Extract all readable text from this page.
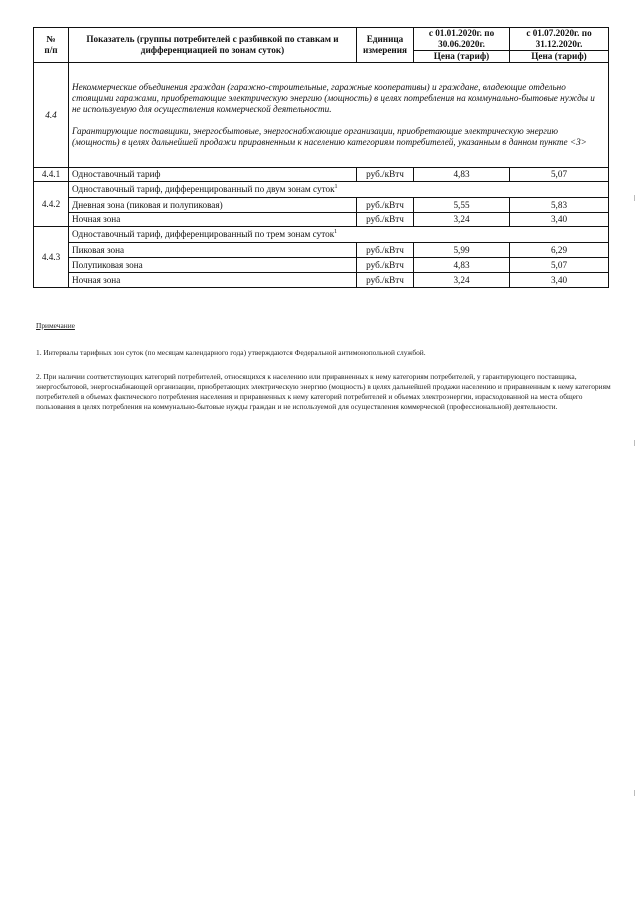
№
п/п	Показатель (группы потребителей с разбивкой по ставкам и дифференциацией по зонам суток)	Единица измерения	с 01.01.2020г. по 30.06.2020г.	с 01.07.2020г. по 31.12.2020г.
			Цена (тариф)	Цена (тариф)
4.4	Некоммерческие объединения граждан (гаражно-строительные, гаражные кооперативы) и граждане, владеющие отдельно стоящими гаражами, приобретающие электрическую энергию (мощность) в целях потребления на коммунально-бытовые нужды и не используемую для осуществления коммерческой деятельности.

Гарантирующие поставщики, энергосбытовые, энергоснабжающие организации, приобретающие электрическую энергию (мощность) в целях дальнейшей продажи приравненным к населению категориям потребителей, указанным в данном пункте <3>			

4.4.1	Одноставочный тариф	руб./кВтч	4,83	5,07
4.4.2	Одноставочный тариф, дифференцированный по двум зонам суток$^1$
	Дневная зона (пиковая и полупиковая)	руб./кВтч	5,55	5,83
	Ночная зона	руб./кВтч	3,24	3,40
4.4.3	Одноставочный тариф, дифференцированный по трем зонам суток$^1$
	Пиковая зона	руб./кВтч	5,99	6,29
	Полупиковая зона	руб./кВтч	4,83	5,07
	Ночная зона	руб./кВтч	3,24	3,40
Примечание

1. Интервалы тарифных зон суток (по месяцам календарного года) утверждаются Федеральной антимонопольной службой.

2. При наличии соответствующих категорий потребителей, относящихся к населению или приравненных к нему категориям потребителей, у гарантирующего поставщика, энергосбытовой, энергоснабжающей организации, приобретающих электрическую энергию (мощность) в целях дальнейшей продажи населению и приравненным к нему категориям потребителей в объемах фактического потребления населения и приравненных к нему категорий потребителей и объемах электроэнергии, израсходованной на места общего пользования в целях потребления на коммунально-бытовые нужды граждан и не используемой для осуществления коммерческой (профессиональной) деятельности.
